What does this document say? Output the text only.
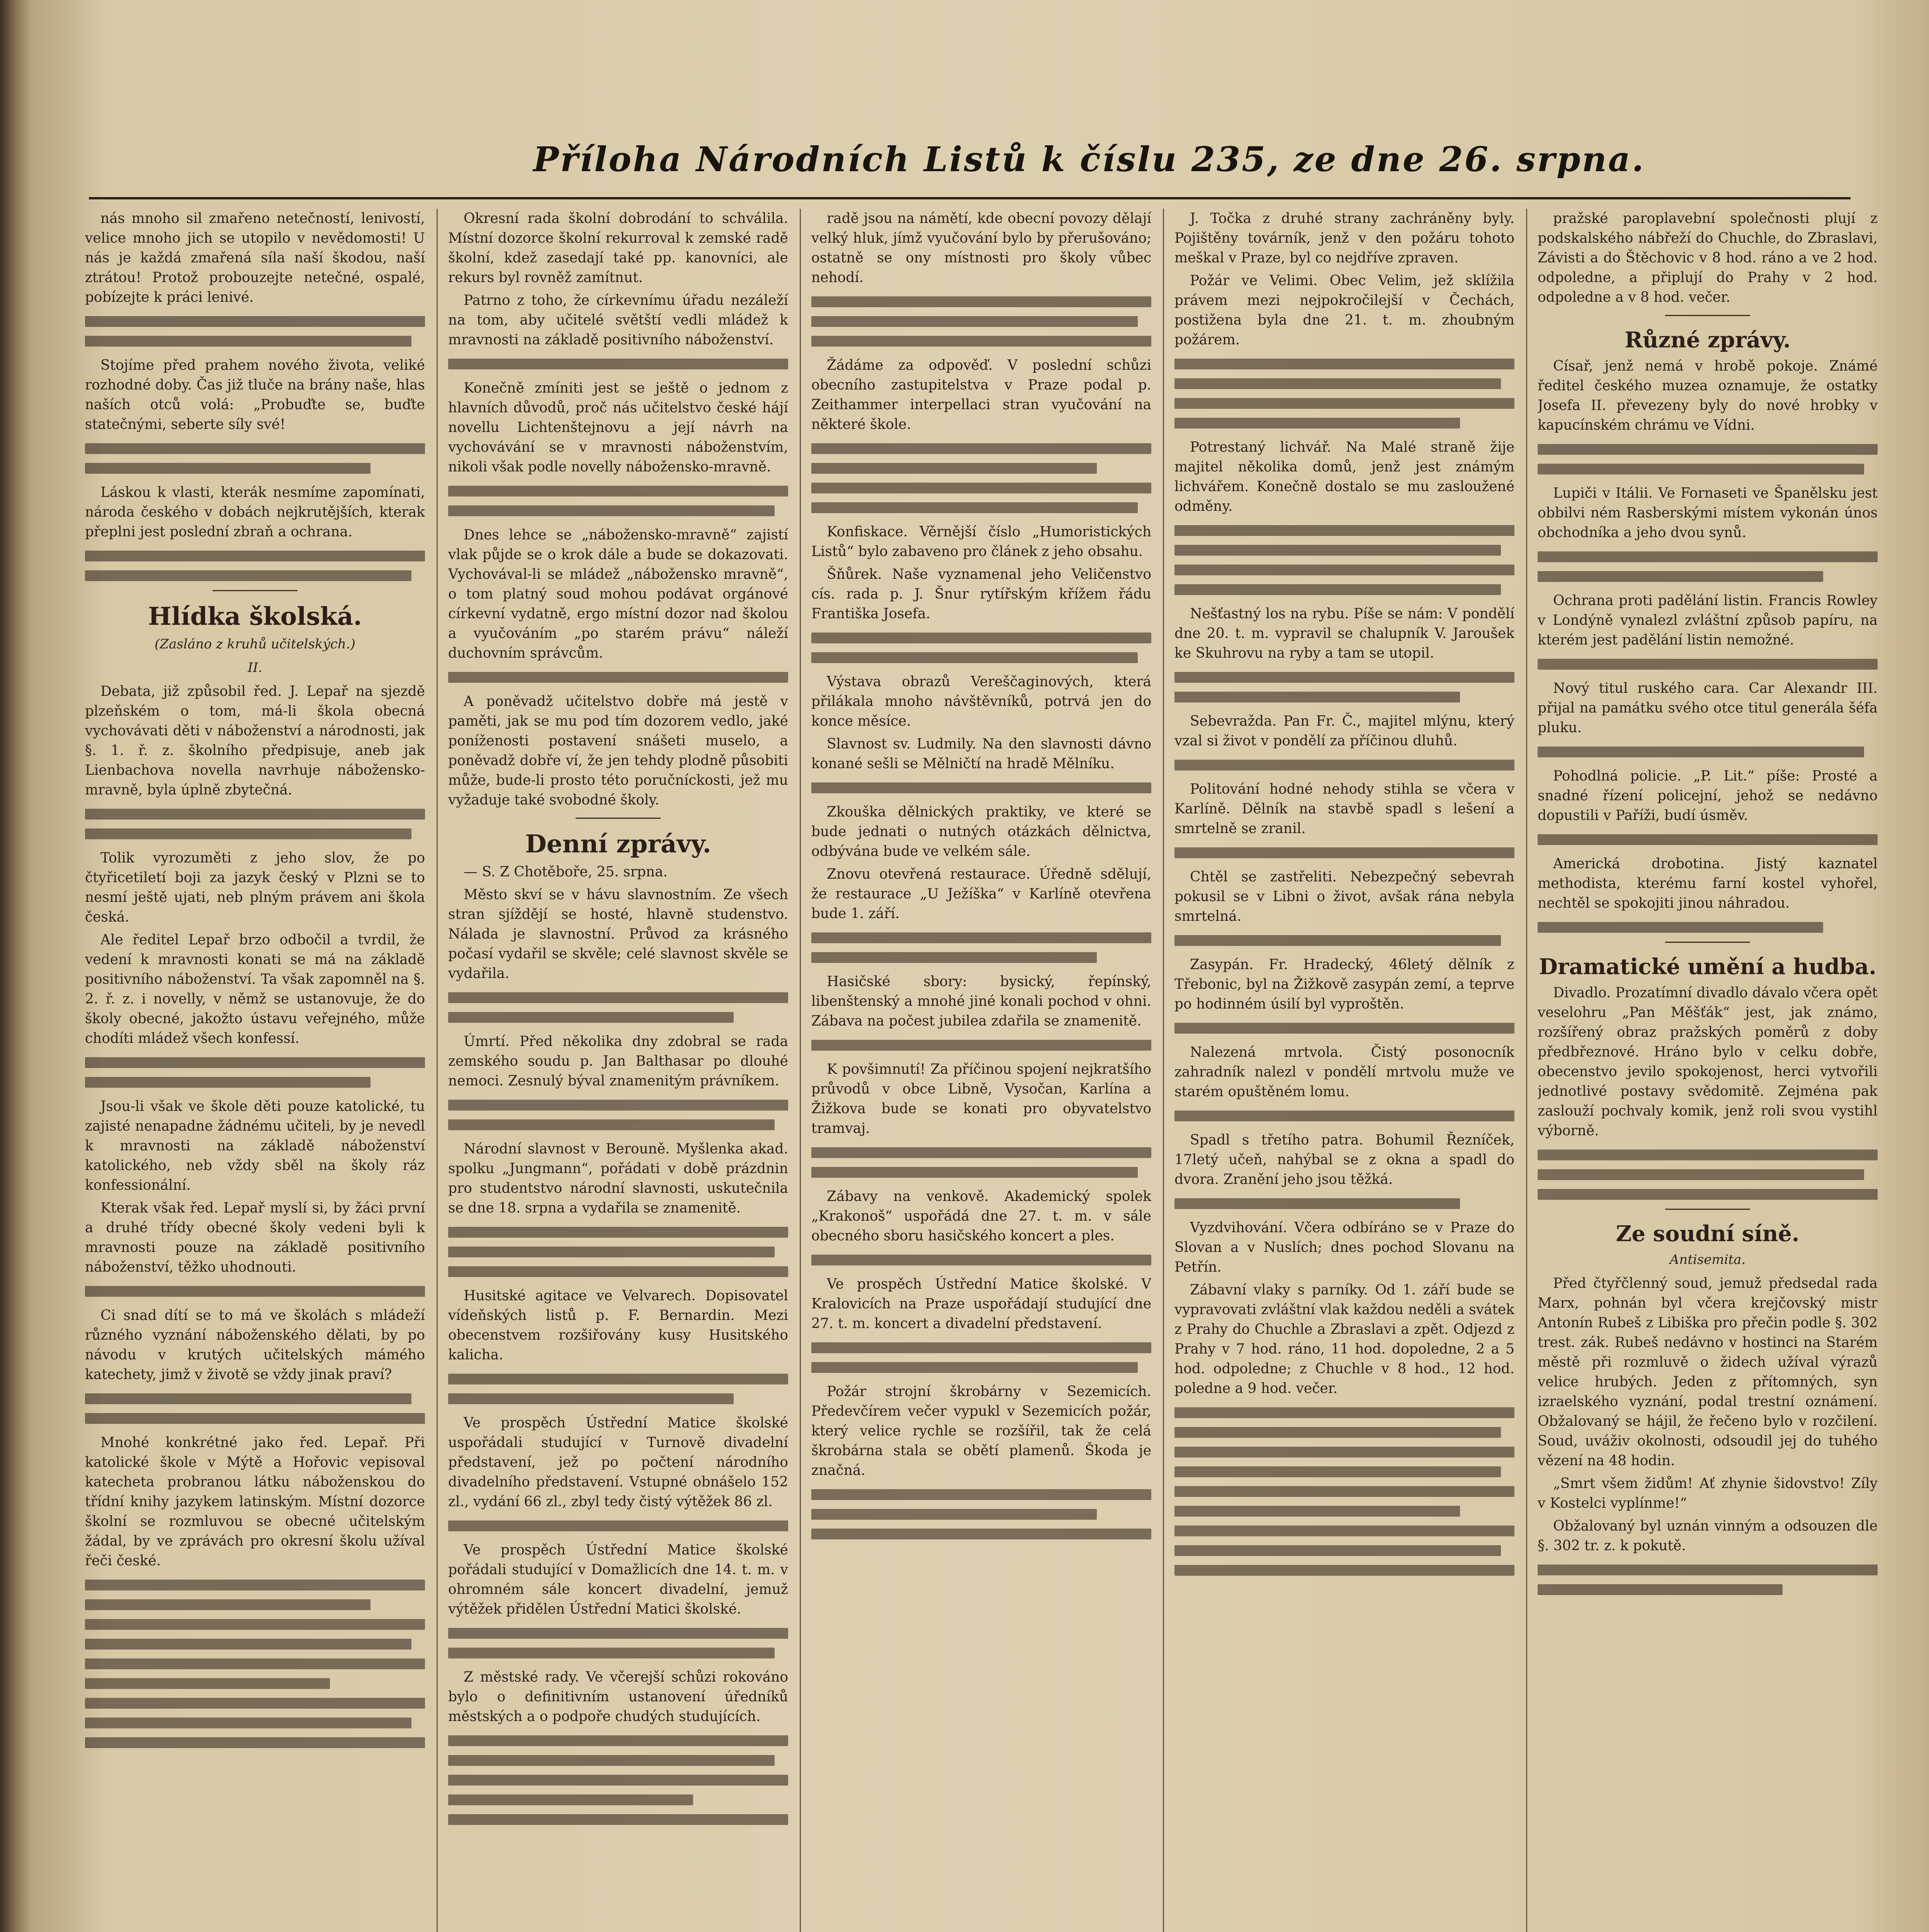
Příloha Národních Listů k číslu 235, ze dne 26. srpna.

nás mnoho sil zmařeno netečností, lenivostí, velice mnoho jich se utopilo v nevědomosti! U nás je každá zmařená síla naší škodou, naší ztrátou! Protož probouzejte netečné, ospalé, pobízejte k práci lenivé.

Stojíme před prahem nového života, veliké rozhodné doby. Čas již tluče na brány naše, hlas naších otců volá: „Probuďte se, buďte statečnými, seberte síly své!

Láskou k vlasti, kterák nesmíme zapomínati, národa českého v dobách nejkrutějších, kterak přeplni jest poslední zbraň a ochrana.

Hlídka školská.
(Zasláno z kruhů učitelských.)
II.

Debata, již způsobil řed. J. Lepař na sjezdě plzeňském o tom, má-li škola obecná vychovávati děti v náboženství a národnosti, jak §. 1. ř. z. školního předpisuje, aneb jak Lienbachova novella navrhuje nábožensko-mravně, byla úplně zbytečná.

Tolik vyrozuměti z jeho slov, že po čtyřicetiletí boji za jazyk český v Plzni se to nesmí ještě ujati, neb plným právem ani škola česká.

Ale ředitel Lepař brzo odbočil a tvrdil, že vedení k mravnosti konati se má na základě positivního náboženství. Ta však zapomněl na §. 2. ř. z. i novelly, v němž se ustanovuje, že do školy obecné, jakožto ústavu veřejného, může chodíti mládež všech konfessí.

Jsou-li však ve škole děti pouze katolické, tu zajisté nenapadne žádnému učiteli, by je nevedl k mravnosti na základě náboženství katolického, neb vždy sběl na školy ráz konfessionální.

Kterak však řed. Lepař myslí si, by žáci první a druhé třídy obecné školy vedeni byli k mravnosti pouze na základě positivního náboženství, těžko uhodnouti.

Ci snad dítí se to má ve školách s mládeží různého vyznání náboženského dělati, by po návodu v krutých učitelských mámého katechety, jimž v životě se vždy jinak praví?

Mnohé konkrétné jako řed. Lepař. Při katolické škole v Mýtě a Hořovic vepisoval katecheta probranou látku náboženskou do třídní knihy jazykem latinským. Místní dozorce školní se rozmluvou se obecné učitelským žádal, by ve zprávách pro okresní školu užíval řeči české.

Okresní rada školní dobrodání to schválila. Místní dozorce školní rekurroval k zemské radě školní, kdež zasedají také pp. kanovníci, ale rekurs byl rovněž zamítnut.

Patrno z toho, že církevnímu úřadu nezáleží na tom, aby učitelé světští vedli mládež k mravnosti na základě positivního náboženství.

Konečně zmíniti jest se ještě o jednom z hlavních důvodů, proč nás učitelstvo české hájí novellu Lichtenštejnovu a její návrh na vychovávání se v mravnosti náboženstvím, nikoli však podle novelly nábožensko-mravně.

Dnes lehce se „nábožensko-mravně“ zajistí vlak půjde se o krok dále a bude se dokazovati. Vychovával-li se mládež „nábožensko mravně“, o tom platný soud mohou podávat orgánové církevní vydatně, ergo místní dozor nad školou a vyučováním „po starém právu“ náleží duchovním správcům.

A poněvadž učitelstvo dobře má jestě v paměti, jak se mu pod tím dozorem vedlo, jaké poníženosti postavení snášeti muselo, a poněvadž dobře ví, že jen tehdy plodně působiti může, bude-li prosto této poručníckosti, jež mu vyžaduje také svobodné školy.

Denní zprávy.

— S. Z Chotěboře, 25. srpna.

Město skví se v hávu slavnostním. Ze všech stran sjíždějí se hosté, hlavně studenstvo. Nálada je slavnostní. Průvod za krásného počasí vydařil se skvěle; celé slavnost skvěle se vydařila.

Úmrtí. Před několika dny zdobral se rada zemského soudu p. Jan Balthasar po dlouhé nemoci. Zesnulý býval znamenitým právníkem.

Národní slavnost v Berouně. Myšlenka akad. spolku „Jungmann“, pořádati v době prázdnin pro studentstvo národní slavnosti, uskutečnila se dne 18. srpna a vydařila se znamenitě.

Husitské agitace ve Velvarech. Dopisovatel vídeňských listů p. F. Bernardin. Mezi obecenstvem rozšiřovány kusy Husitského kalicha.

Ve prospěch Ústřední Matice školské uspořádali studující v Turnově divadelní představení, jež po počtení národního divadelního představení. Vstupné obnášelo 152 zl., vydání 66 zl., zbyl tedy čistý výtěžek 86 zl.

Ve prospěch Ústřední Matice školské pořádali studující v Domažlicích dne 14. t. m. v ohromném sále koncert divadelní, jemuž výtěžek přidělen Ústřední Matici školské.

Z městské rady. Ve včerejší schůzi rokováno bylo o definitivním ustanovení úředníků městských a o podpoře chudých studujících.

radě jsou na námětí, kde obecní povozy dělají velký hluk, jímž vyučování bylo by přerušováno; ostatně se ony místnosti pro školy vůbec nehodí.

Žádáme za odpověď. V poslední schůzi obecního zastupitelstva v Praze podal p. Zeithammer interpellaci stran vyučování na některé škole.

Konfiskace. Věrnější číslo „Humoristických Listů“ bylo zabaveno pro článek z jeho obsahu.

Šňůrek. Naše vyznamenal jeho Veličenstvo cís. rada p. J. Šnur rytířským křížem řádu Františka Josefa.

Výstava obrazů Vereščaginových, která přilákala mnoho návštěvníků, potrvá jen do konce měsíce.

Slavnost sv. Ludmily. Na den slavnosti dávno konané sešli se Mělničtí na hradě Mělníku.

Zkouška dělnických praktiky, ve které se bude jednati o nutných otázkách dělnictva, odbývána bude ve velkém sále.

Znovu otevřená restaurace. Úředně sdělují, že restaurace „U Ježíška“ v Karlíně otevřena bude 1. září.

Hasičské sbory: bysický, řepínský, libenštenský a mnohé jiné konali pochod v ohni. Zábava na počest jubilea zdařila se znamenitě.

K povšimnutí! Za příčinou spojení nejkratšího průvodů v obce Libně, Vysočan, Karlína a Žižkova bude se konati pro obyvatelstvo tramvaj.

Zábavy na venkově. Akademický spolek „Krakonoš“ uspořádá dne 27. t. m. v sále obecného sboru hasičského koncert a ples.

Ve prospěch Ústřední Matice školské. V Kralovicích na Praze uspořádají studující dne 27. t. m. koncert a divadelní představení.

Požár strojní škrobárny v Sezemicích. Předevčírem večer vypukl v Sezemicích požár, který velice rychle se rozšířil, tak že celá škrobárna stala se obětí plamenů. Škoda je značná.

J. Točka z druhé strany zachráněny byly. Pojištěny továrník, jenž v den požáru tohoto meškal v Praze, byl co nejdříve zpraven.

Požár ve Velimi. Obec Velim, jež sklížila právem mezi nejpokročilejší v Čechách, postižena byla dne 21. t. m. zhoubným požárem.

Potrestaný lichvář. Na Malé straně žije majitel několika domů, jenž jest známým lichvářem. Konečně dostalo se mu zasloužené odměny.

Nešťastný los na rybu. Píše se nám: V pondělí dne 20. t. m. vypravil se chalupník V. Jaroušek ke Skuhrovu na ryby a tam se utopil.

Sebevražda. Pan Fr. Č., majitel mlýnu, který vzal si život v pondělí za příčinou dluhů.

Politování hodné nehody stihla se včera v Karlíně. Dělník na stavbě spadl s lešení a smrtelně se zranil.

Chtěl se zastřeliti. Nebezpečný sebevrah pokusil se v Libni o život, avšak rána nebyla smrtelná.

Zasypán. Fr. Hradecký, 46letý dělník z Třebonic, byl na Žižkově zasypán zemí, a teprve po hodinném úsilí byl vyproštěn.

Nalezená mrtvola. Čistý posonocník zahradník nalezl v pondělí mrtvolu muže ve starém opuštěném lomu.

Spadl s třetího patra. Bohumil Řezníček, 17letý učeň, nahýbal se z okna a spadl do dvora. Zranění jeho jsou těžká.

Vyzdvihování. Včera odbíráno se v Praze do Slovan a v Nuslích; dnes pochod Slovanu na Petřín.

Zábavní vlaky s parníky. Od 1. září bude se vypravovati zvláštní vlak každou neděli a svátek z Prahy do Chuchle a Zbraslavi a zpět. Odjezd z Prahy v 7 hod. ráno, 11 hod. dopoledne, 2 a 5 hod. odpoledne; z Chuchle v 8 hod., 12 hod. poledne a 9 hod. večer.

pražské paroplavební společnosti plují z podskalského nábřeží do Chuchle, do Zbraslavi, Závisti a do Štěchovic v 8 hod. ráno a ve 2 hod. odpoledne, a připlují do Prahy v 2 hod. odpoledne a v 8 hod. večer.

Různé zprávy.

Císař, jenž nemá v hrobě pokoje. Známé ředitel českého muzea oznamuje, že ostatky Josefa II. převezeny byly do nové hrobky v kapucínském chrámu ve Vídni.

Lupiči v Itálii. Ve Fornaseti ve Španělsku jest obbilvi ném Rasberskými místem vykonán únos obchodníka a jeho dvou synů.

Ochrana proti padělání listin. Francis Rowley v Londýně vynalezl zvláštní způsob papíru, na kterém jest padělání listin nemožné.

Nový titul ruského cara. Car Alexandr III. přijal na památku svého otce titul generála šéfa pluku.

Pohodlná policie. „P. Lit.“ píše: Prosté a snadné řízení policejní, jehož se nedávno dopustili v Paříži, budí úsměv.

Americká drobotina. Jistý kaznatel methodista, kterému farní kostel vyhořel, nechtěl se spokojiti jinou náhradou.

Dramatické umění a hudba.

Divadlo. Prozatímní divadlo dávalo včera opět veselohru „Pan Měšťák“ jest, jak známo, rozšířený obraz pražských poměrů z doby předbřeznové. Hráno bylo v celku dobře, obecenstvo jevilo spokojenost, herci vytvořili jednotlivé postavy svědomitě. Zejména pak zaslouží pochvaly komik, jenž roli svou vystihl výborně.

Ze soudní síně.
Antisemita.

Před čtyřčlenný soud, jemuž předsedal rada Marx, pohnán byl včera krejčovský mistr Antonín Rubeš z Libiška pro přečin podle §. 302 trest. zák. Rubeš nedávno v hostinci na Starém městě při rozmluvě o židech užíval výrazů velice hrubých. Jeden z přítomných, syn izraelského vyznání, podal trestní oznámení. Obžalovaný se hájil, že řečeno bylo v rozčilení. Soud, uváživ okolnosti, odsoudil jej do tuhého vězení na 48 hodin.

„Smrt všem židům! Ať zhynie šidovstvo! Zíly v Kostelci vyplínme!“

Obžalovaný byl uznán vinným a odsouzen dle §. 302 tr. z. k pokutě.
